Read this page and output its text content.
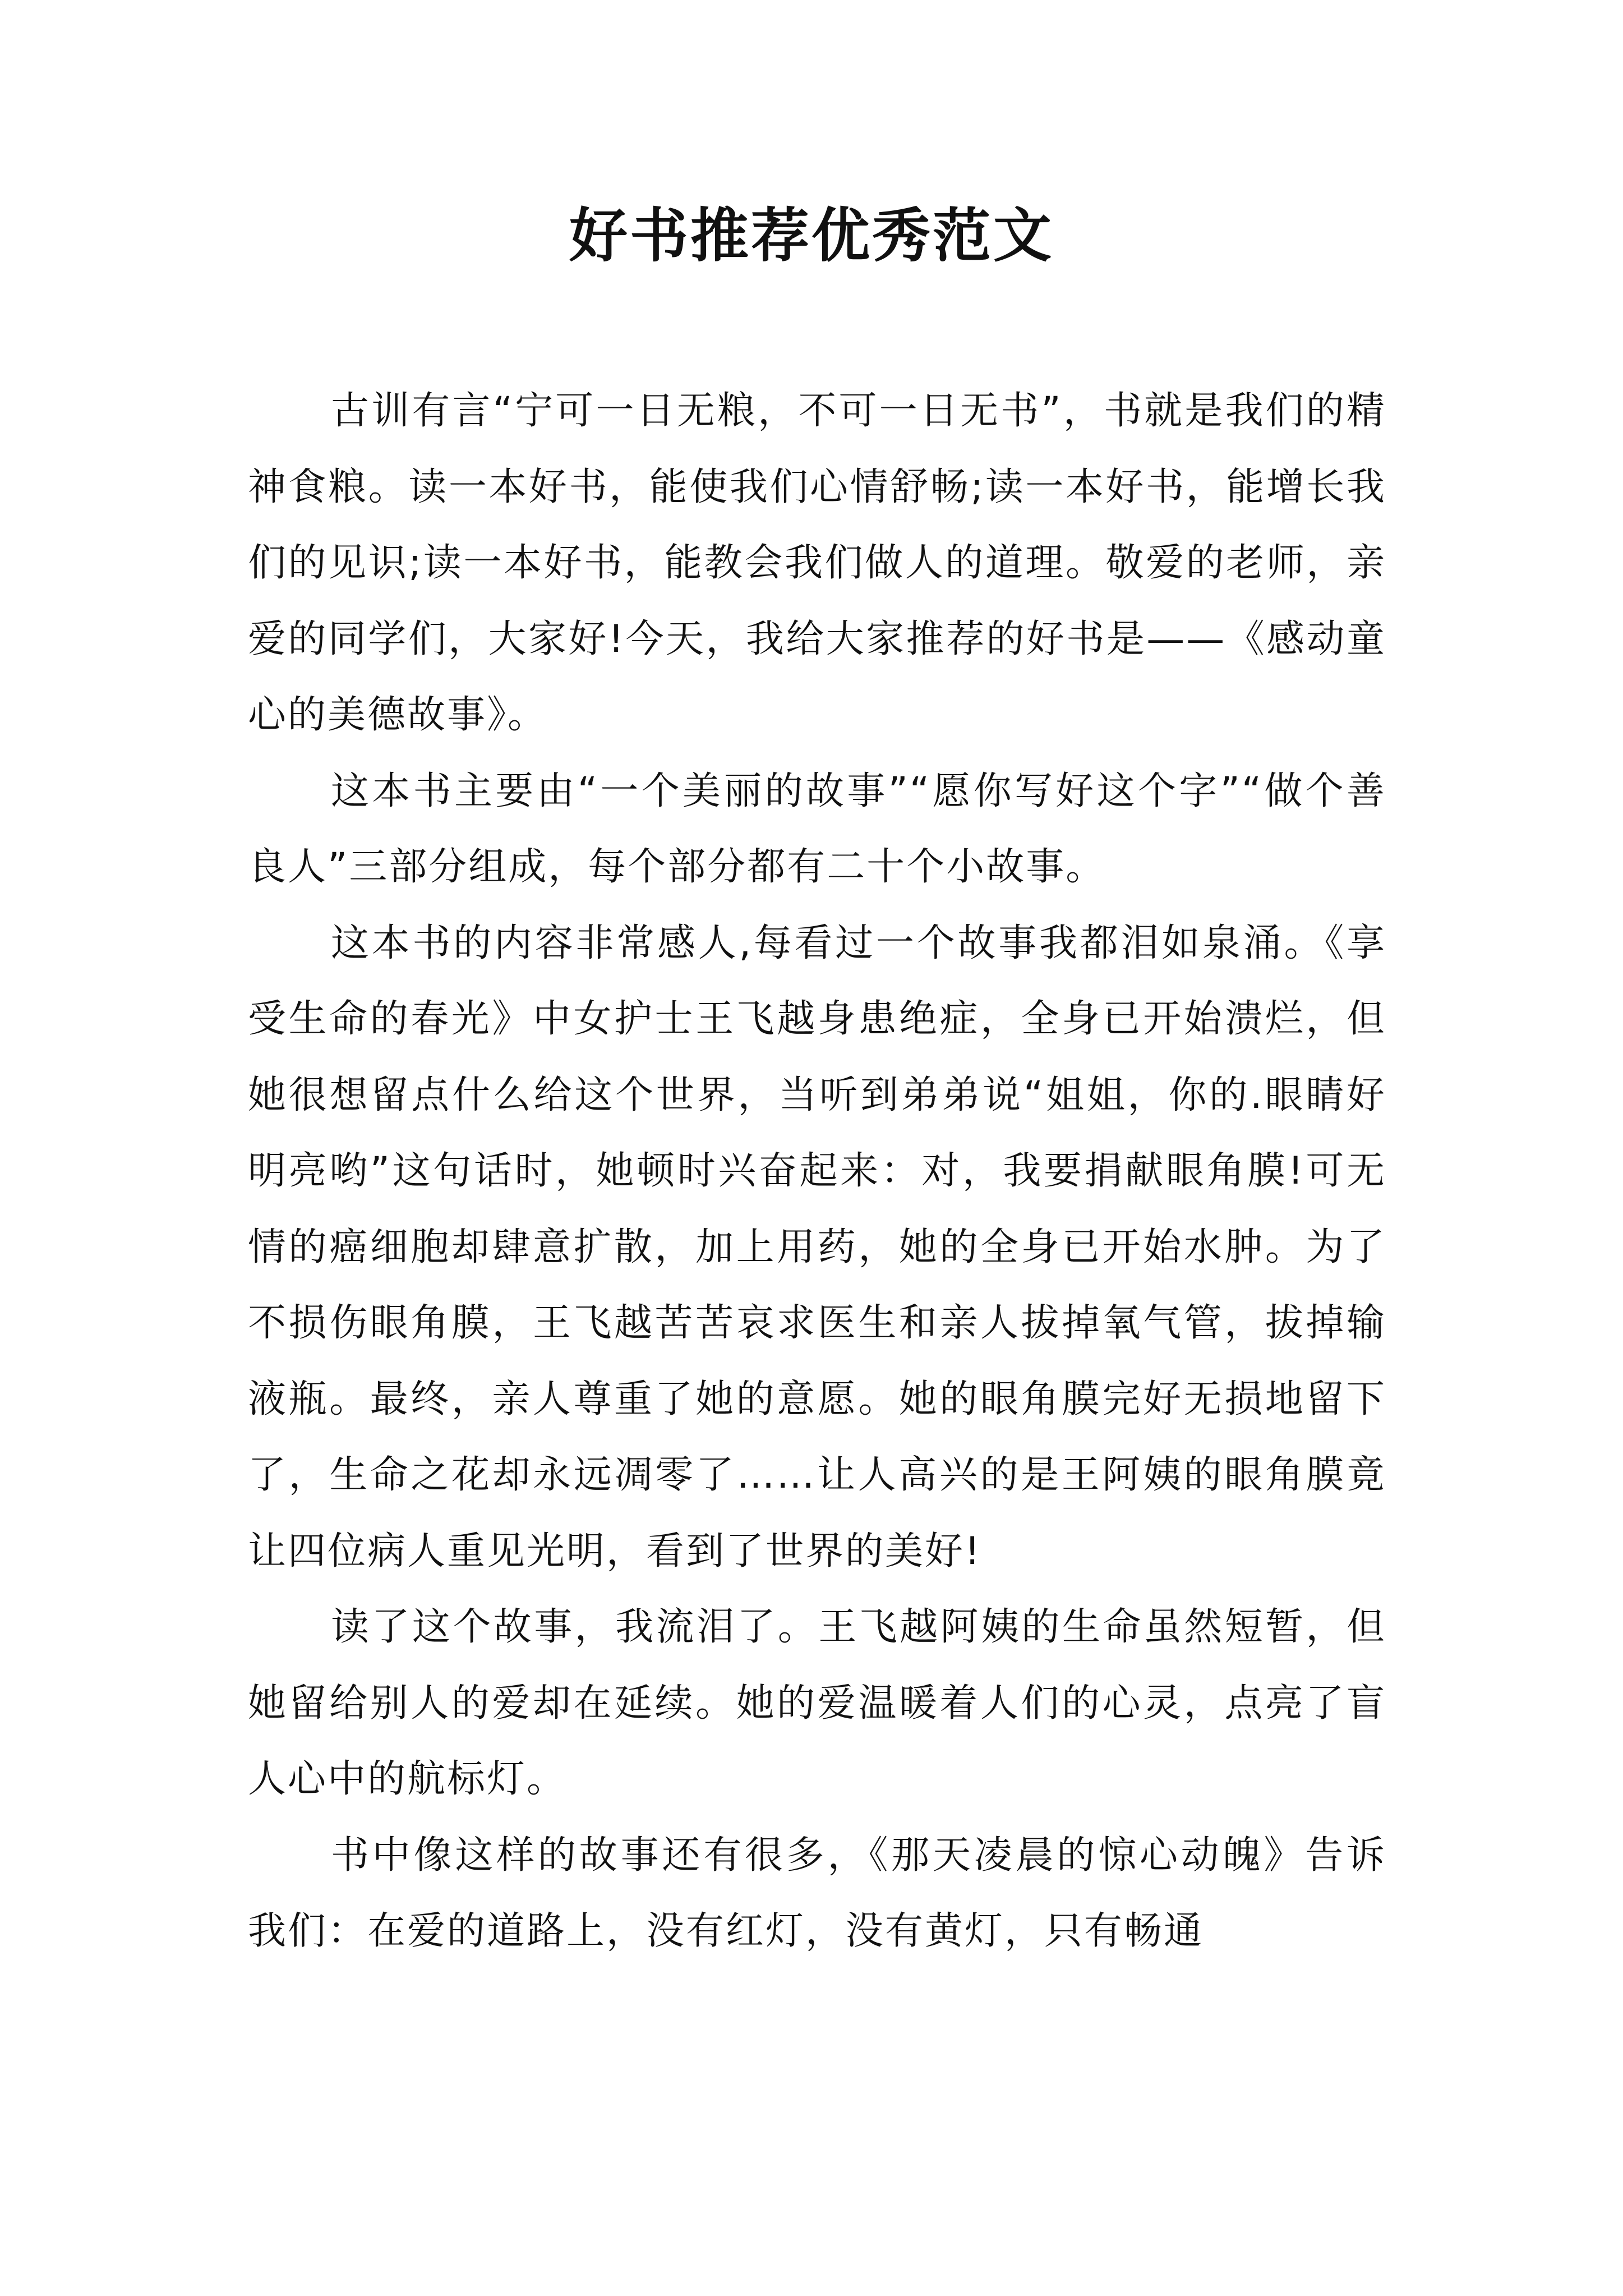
好书推荐优秀范文

古训有言“宁可一日无粮，不可一日无书”，书就是我们的精神食粮。读一本好书，能使我们心情舒畅;读一本好书，能增长我们的见识;读一本好书，能教会我们做人的道理。敬爱的老师，亲爱的同学们，大家好!今天，我给大家推荐的好书是——《感动童心的美德故事》。

这本书主要由“一个美丽的故事”“愿你写好这个字”“做个善良人”三部分组成，每个部分都有二十个小故事。

这本书的内容非常感人,每看过一个故事我都泪如泉涌。《享受生命的春光》中女护士王飞越身患绝症，全身已开始溃烂，但她很想留点什么给这个世界，当听到弟弟说“姐姐，你的.眼睛好明亮哟”这句话时，她顿时兴奋起来：对，我要捐献眼角膜!可无情的癌细胞却肆意扩散，加上用药，她的全身已开始水肿。为了不损伤眼角膜，王飞越苦苦哀求医生和亲人拔掉氧气管，拔掉输液瓶。最终，亲人尊重了她的意愿。她的眼角膜完好无损地留下了，生命之花却永远凋零了……让人高兴的是王阿姨的眼角膜竟让四位病人重见光明，看到了世界的美好!

读了这个故事，我流泪了。王飞越阿姨的生命虽然短暂，但她留给别人的爱却在延续。她的爱温暖着人们的心灵，点亮了盲人心中的航标灯。

书中像这样的故事还有很多，《那天凌晨的惊心动魄》告诉我们：在爱的道路上，没有红灯，没有黄灯，只有畅通
